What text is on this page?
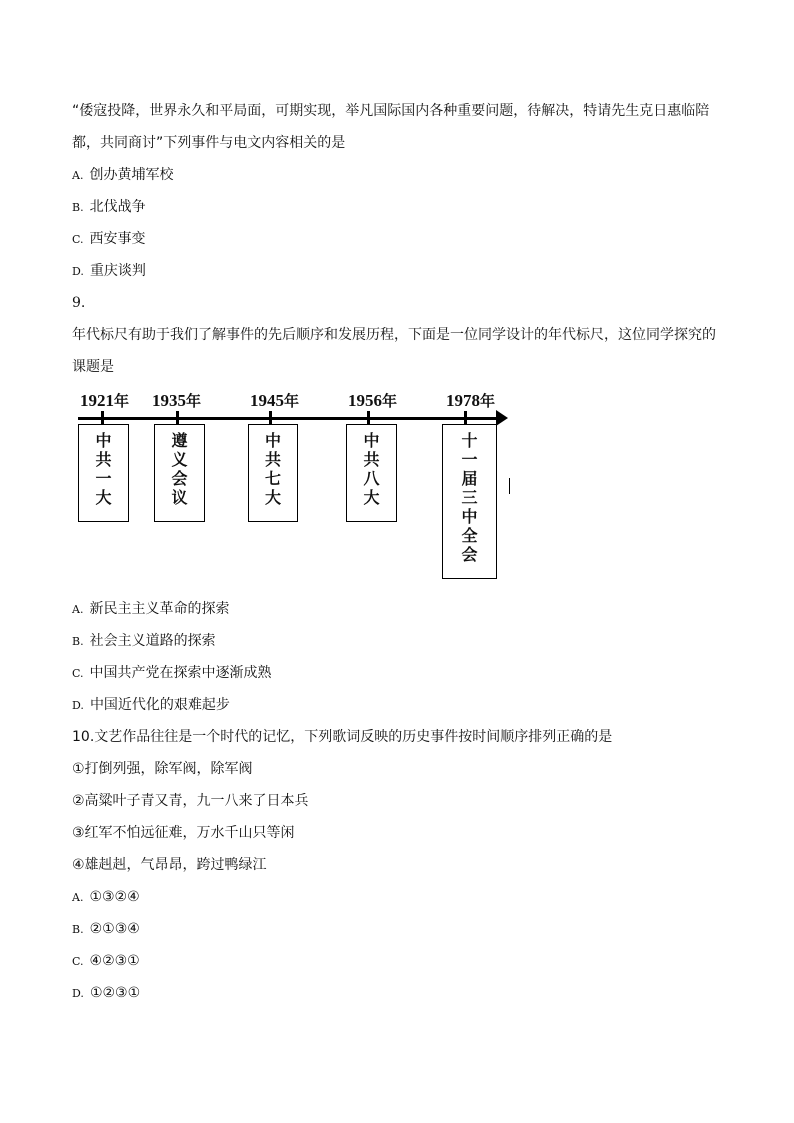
“倭寇投降，世界永久和平局面，可期实现，举凡国际国内各种重要问题，待解决，特请先生克日惠临陪
都，共同商讨”下列事件与电文内容相关的是
A. 创办黄埔军校
B. 北伐战争
C. 西安事变
D. 重庆谈判
9.
年代标尺有助于我们了解事件的先后顺序和发展历程，下面是一位同学设计的年代标尺，这位同学探究的
课题是
1921年 1935年	1945年	1956年	1978年
中
共
一
大
遵
义
会
议
中
共
七
大
中
共
八
大
十
一
届
三
中
全
会
A. 新民主主义革命的探索
B. 社会主义道路的探索
C. 中国共产党在探索中逐渐成熟
D. 中国近代化的艰难起步
10.文艺作品往往是一个时代的记忆，下列歌词反映的历史事件按时间顺序排列正确的是
①打倒列强，除军阀，除军阀
②高粱叶子青又青，九一八来了日本兵
③红军不怕远征难，万水千山只等闲
④雄赳赳，气昂昂，跨过鸭绿江
A. ①③②④
B. ②①③④
C. ④②③①
D. ①②③①
